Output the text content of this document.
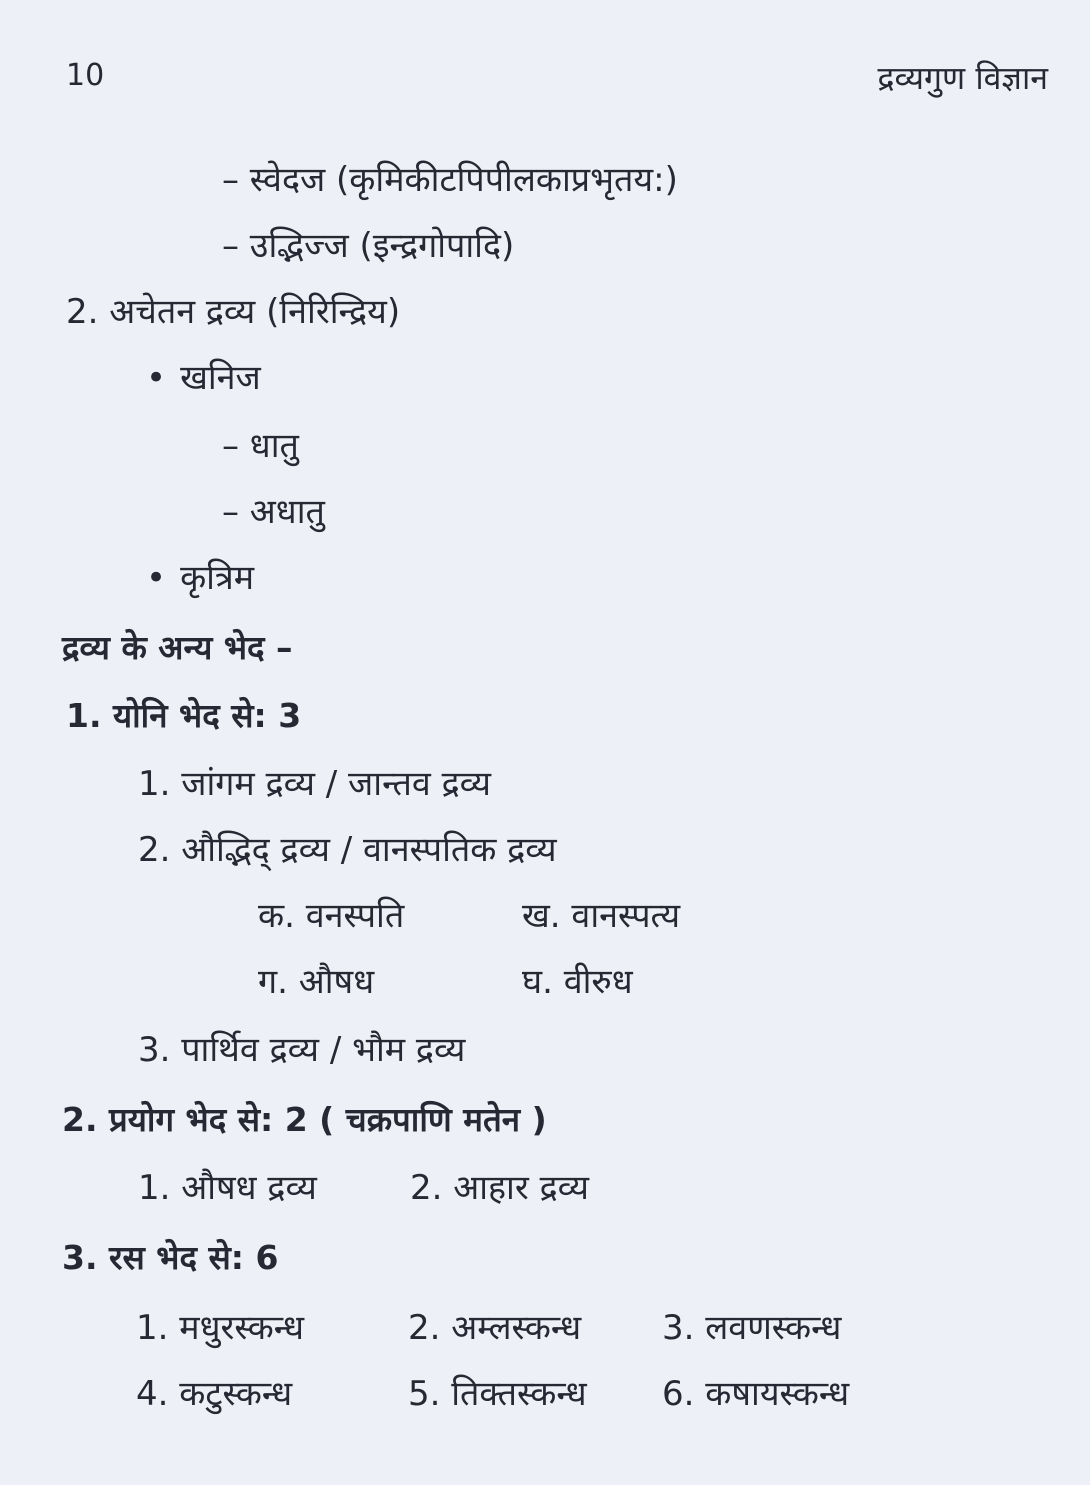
10	द्रव्यगुण विज्ञान
– स्वेदज (कृमिकीटपिपीलकाप्रभृतय:)
– उद्भिज्ज (इन्द्रगोपादि)
2. अचेतन द्रव्य (निरिन्द्रिय)
• खनिज
– धातु
– अधातु
• कृत्रिम
द्रव्य के अन्य भेद –
1. योनि भेद से: 3
1. जांगम द्रव्य / जान्तव द्रव्य
2. औद्भिद् द्रव्य / वानस्पतिक द्रव्य
क. वनस्पति	ख. वानस्पत्य
ग. औषध	घ. वीरुध
3. पार्थिव द्रव्य / भौम द्रव्य
2. प्रयोग भेद से: 2 ( चक्रपाणि मतेन )
1. औषध द्रव्य	2. आहार द्रव्य
3. रस भेद से: 6
1. मधुरस्कन्ध	2. अम्लस्कन्ध 3. लवणस्कन्ध
4. कटुस्कन्ध	5. तिक्तस्कन्ध 6. कषायस्कन्ध
